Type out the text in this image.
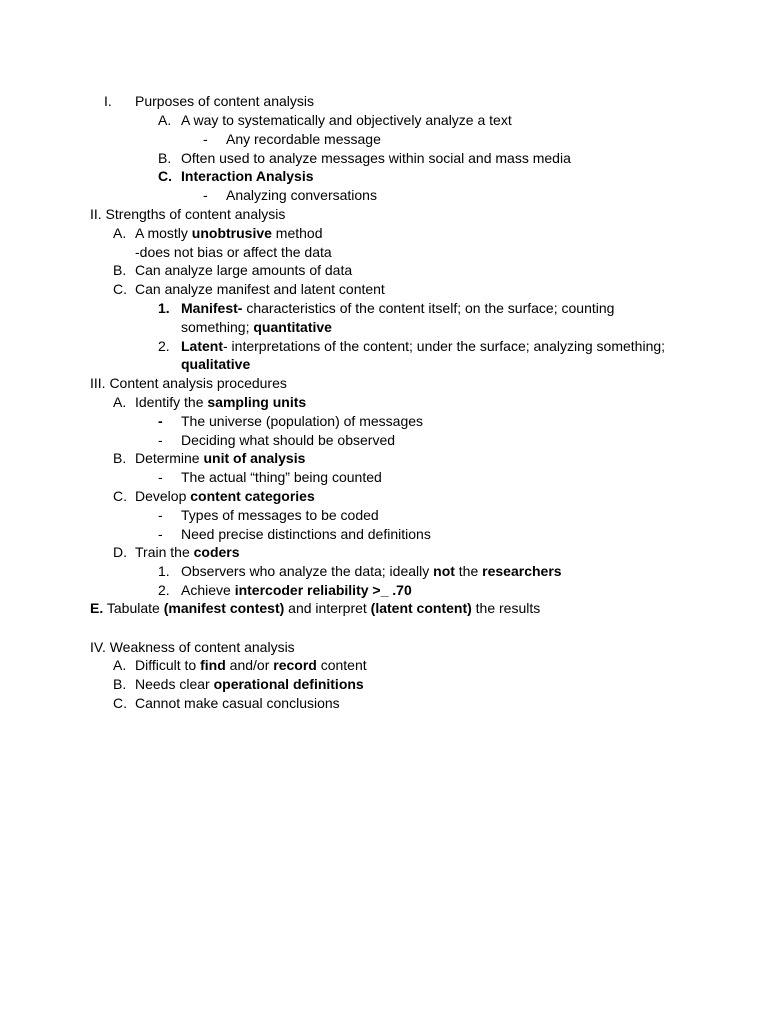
I. Purposes of content analysis
A. A way to systematically and objectively analyze a text
- Any recordable message
B. Often used to analyze messages within social and mass media
C. Interaction Analysis
- Analyzing conversations
II. Strengths of content analysis
A. A mostly unobtrusive method
-does not bias or affect the data
B. Can analyze large amounts of data
C. Can analyze manifest and latent content
1. Manifest- characteristics of the content itself; on the surface; counting
something; quantitative
2. Latent- interpretations of the content; under the surface; analyzing something;
qualitative
III. Content analysis procedures
A. Identify the sampling units
- The universe (population) of messages
- Deciding what should be observed
B. Determine unit of analysis
- The actual “thing” being counted
C. Develop content categories
- Types of messages to be coded
- Need precise distinctions and definitions
D. Train the coders
1. Observers who analyze the data; ideally not the researchers
2. Achieve intercoder reliability >_ .70
E. Tabulate (manifest contest) and interpret (latent content) the results
IV. Weakness of content analysis
A. Difficult to find and/or record content
B. Needs clear operational definitions
C. Cannot make casual conclusions
